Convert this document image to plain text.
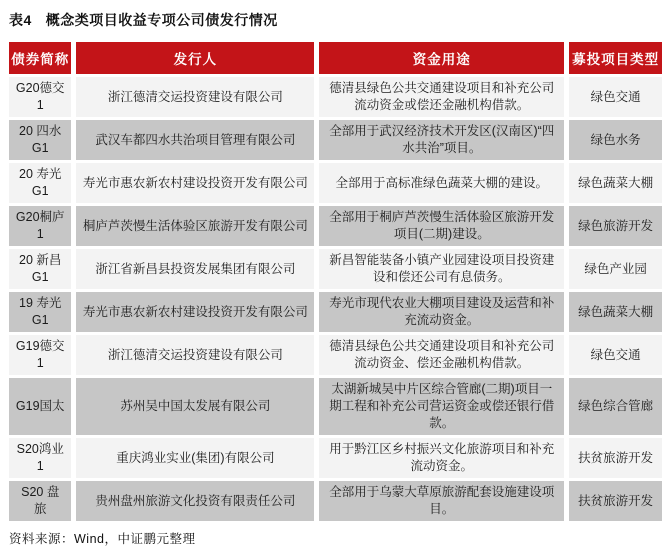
表4 概念类项目收益专项公司债发行情况
债券简称	发行人	资金用途	募投项目类型
G20德交 1	浙江德清交运投资建设有限公司	德清县绿色公共交通建设项目和补充公司流动资金或偿还金融机构借款。	绿色交通
20 四水 G1	武汉车都四水共治项目管理有限公司	全部用于武汉经济技术开发区(汉南区)“四水共治”项目。	绿色水务
20 寿光 G1	寿光市惠农新农村建设投资开发有限公司	全部用于高标准绿色蔬菜大棚的建设。	绿色蔬菜大棚
G20桐庐 1	桐庐芦茨慢生活体验区旅游开发有限公司	全部用于桐庐芦茨慢生活体验区旅游开发项目(二期)建设。	绿色旅游开发
20 新昌 G1	浙江省新昌县投资发展集团有限公司	新昌智能装备小镇产业园建设项目投资建设和偿还公司有息债务。	绿色产业园
19 寿光 G1	寿光市惠农新农村建设投资开发有限公司	寿光市现代农业大棚项目建设及运营和补充流动资金。	绿色蔬菜大棚
G19德交 1	浙江德清交运投资建设有限公司	德清县绿色公共交通建设项目和补充公司流动资金、偿还金融机构借款。	绿色交通
G19国太	苏州吴中国太发展有限公司	太湖新城吴中片区综合管廊(二期)项目一期工程和补充公司营运资金或偿还银行借款。	绿色综合管廊
S20鸿业 1	重庆鸿业实业(集团)有限公司	用于黔江区乡村振兴文化旅游项目和补充流动资金。	扶贫旅游开发
S20 盘旅	贵州盘州旅游文化投资有限责任公司	全部用于乌蒙大草原旅游配套设施建设项目。	扶贫旅游开发
资料来源：Wind，中证鹏元整理
